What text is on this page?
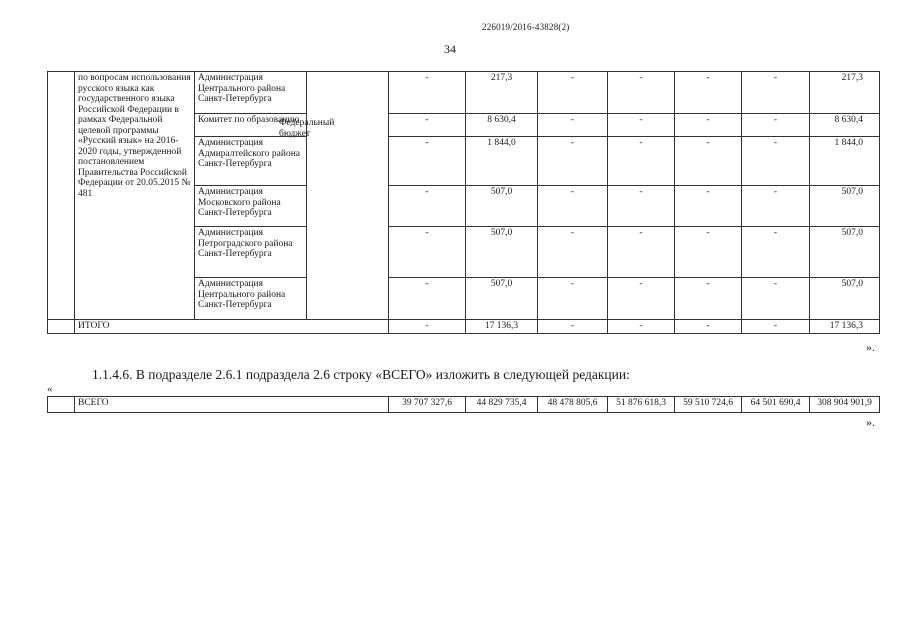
226019/2016-43828(2)
34
	по вопросам использования русского языка как государственного языка Российской Федерации в рамках Федеральной целевой программы «Русский язык» на 2016-2020 годы, утвержденной постановлением Правительства Российской Федерации от 20.05.2015 № 481	Администрация Центрального района Санкт-Петербурга		-	217,3	-	-	-	-	217,3
		Комитет по образованию		-	8 630,4	-	-	-	-	8 630,4
		Администрация Адмиралтейского района Санкт-Петербурга		-	1 844,0	-	-	-	-	1 844,0
		Администрация Московского района Санкт-Петербурга		-	507,0	-	-	-	-	507,0
		Администрация Петроградского района Санкт-Петербурга		-	507,0	-	-	-	-	507,0
		Администрация Центрального района Санкт-Петербурга		-	507,0	-	-	-	-	507,0
	ИТОГО			-	17 136,3	-	-	-	-	17 136,3
Федеральный бюджет
».
1.1.4.6. В подразделе 2.6.1 подраздела 2.6 строку «ВСЕГО» изложить в следующей редакции:
«
	ВСЕГО	39 707 327,6	44 829 735,4	48 478 805,6	51 876 618,3	59 510 724,6	64 501 690,4	308 904 901,9
».
